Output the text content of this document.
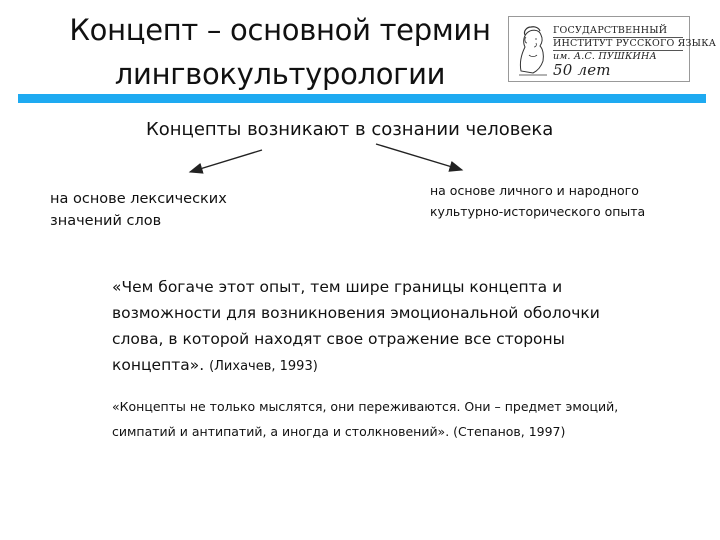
Концепт – основной термин
лингвокультурологии
ГОСУДАРСТВЕННЫЙ
ИНСТИТУТ РУССКОГО ЯЗЫКА
им. А.С. ПУШКИНА
50 лет
Концепты возникают в сознании человека
на основе лексических значений слов
на основе личного и народного культурно-исторического опыта
«Чем богаче этот опыт, тем шире границы концепта и возможности для возникновения эмоциональной оболочки слова, в которой находят свое отражение все стороны концепта». (Лихачев, 1993)
«Концепты не только мыслятся, они переживаются. Они – предмет эмоций, симпатий и антипатий, а иногда и столкновений». (Степанов, 1997)
